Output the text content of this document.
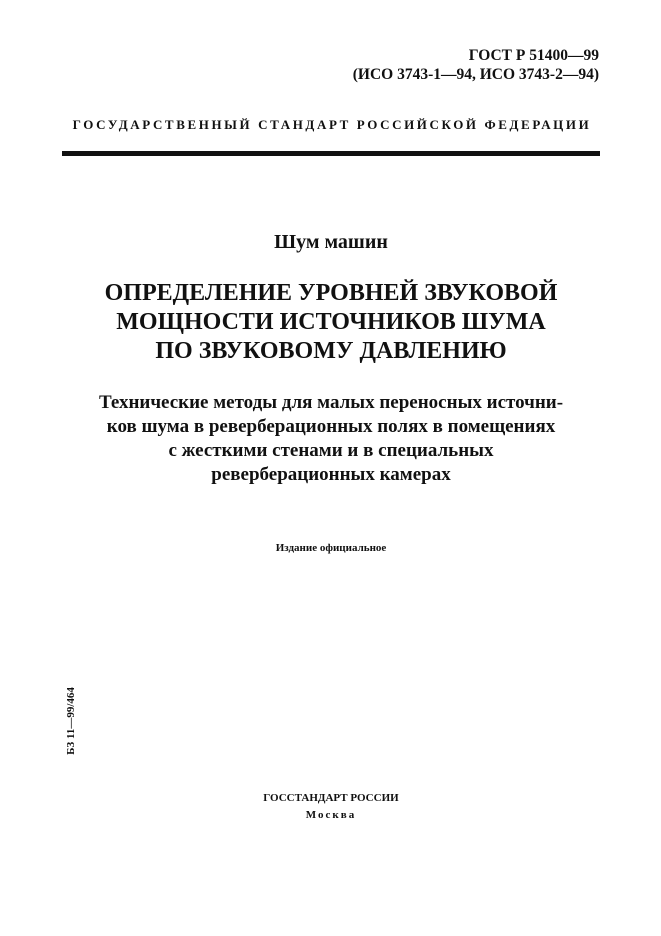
ГОСТ Р 51400—99
(ИСО 3743-1—94, ИСО 3743-2—94)
ГОСУДАРСТВЕННЫЙ СТАНДАРТ РОССИЙСКОЙ ФЕДЕРАЦИИ
Шум машин
ОПРЕДЕЛЕНИЕ УРОВНЕЙ ЗВУКОВОЙ
МОЩНОСТИ ИСТОЧНИКОВ ШУМА
ПО ЗВУКОВОМУ ДАВЛЕНИЮ
Технические методы для малых переносных источни-
ков шума в реверберационных полях в помещениях
с жесткими стенами и в специальных
реверберационных камерах
Издание официальное
БЗ 11—99/464
ГОССТАНДАРТ РОССИИ
Москва
